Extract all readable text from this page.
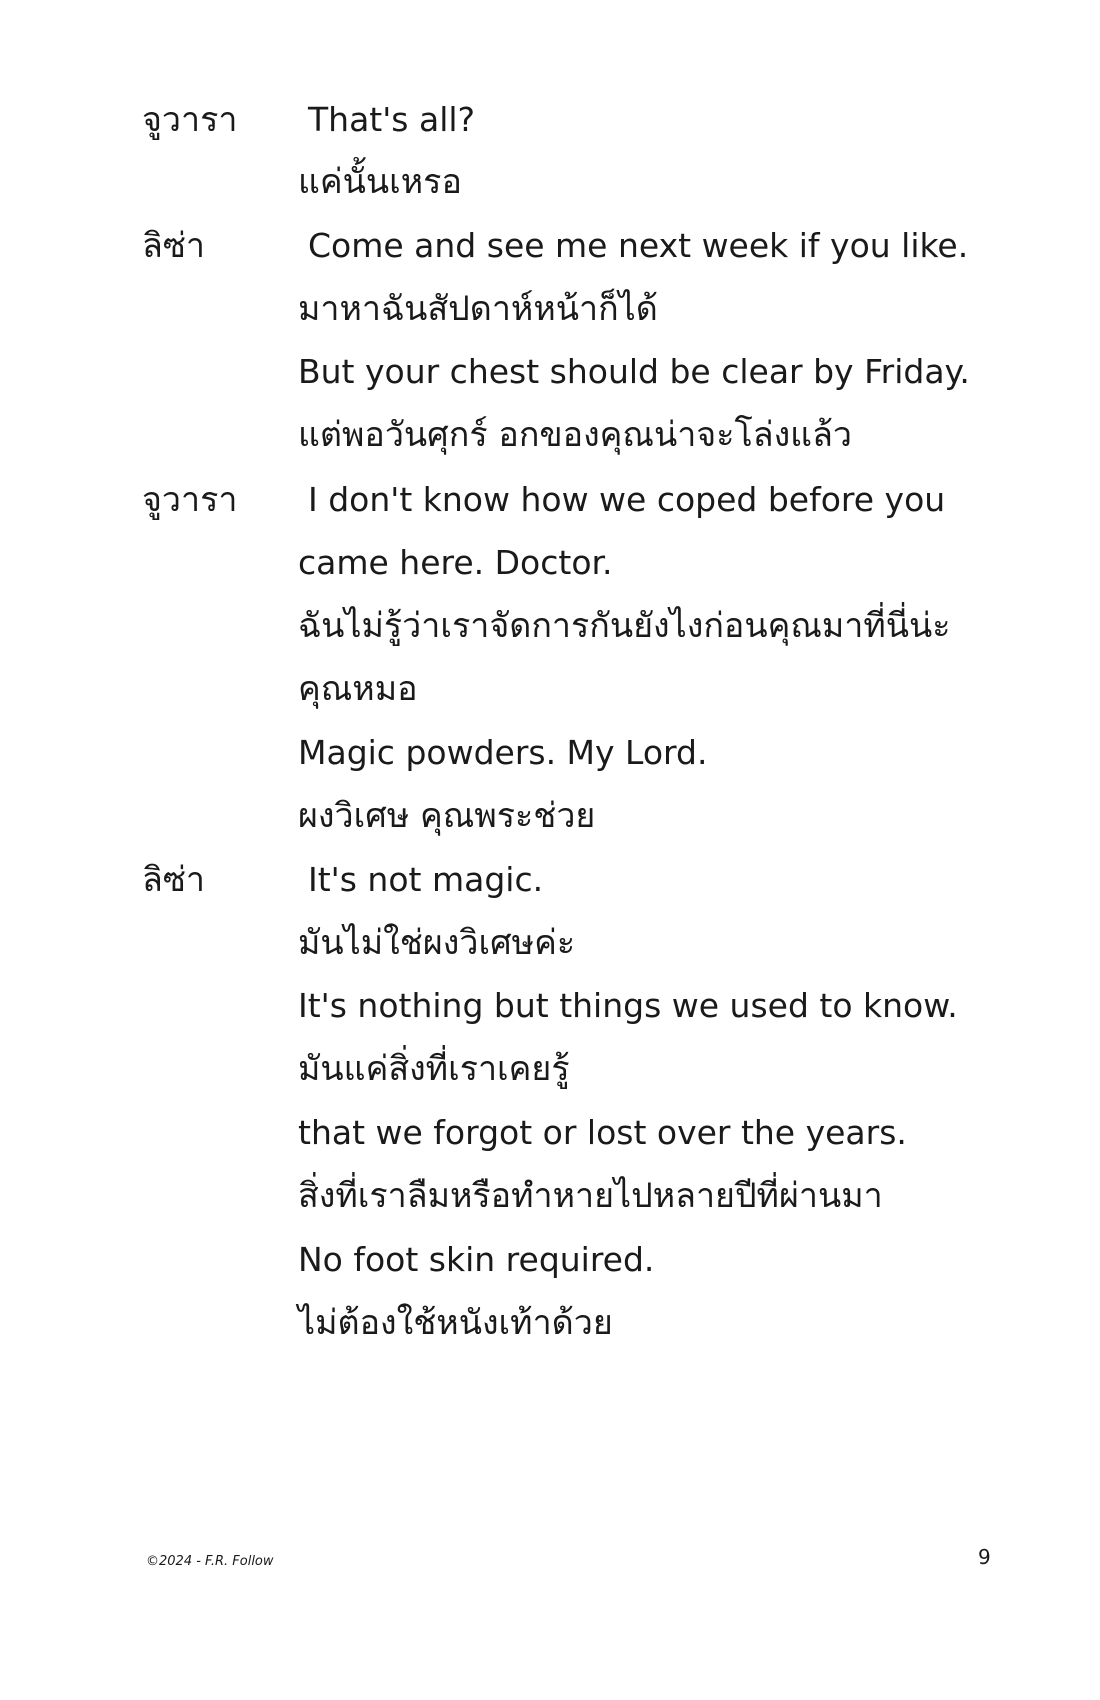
จูวารา That's all?
แค่นั้นเหรอ
ลิซ่า	Come and see me next week if you like.
มาหาฉันสัปดาห์หน้าก็ได้
But your chest should be clear by Friday.
แต่พอวันศุกร์ อกของคุณน่าจะโล่งแล้ว
จูวารา I don't know how we coped before you
came here. Doctor.
ฉันไม่รู้ว่าเราจัดการกันยังไงก่อนคุณมาที่นี่น่ะ
คุณหมอ
Magic powders. My Lord.
ผงวิเศษ คุณพระช่วย
ลิซ่า	It's not magic.
มันไม่ใช่ผงวิเศษค่ะ
It's nothing but things we used to know.
มันแค่สิ่งที่เราเคยรู้
that we forgot or lost over the years.
สิ่งที่เราลืมหรือทำหายไปหลายปีที่ผ่านมา
No foot skin required.
ไม่ต้องใช้หนังเท้าด้วย
©2024 - F.R. Follow	9
